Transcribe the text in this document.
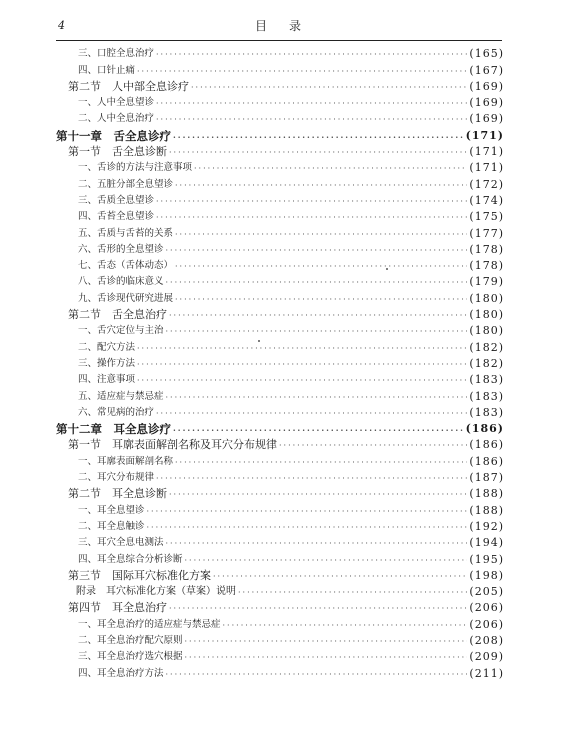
4	目录
三、口腔全息治疗 ·····	(165)
四、口针止痛 ·····	(167)
第二节　人中部全息诊疗 ·····	(169)
一、人中全息望诊 ·····	(169)
二、人中全息治疗 ·····	(169)
第十一章　舌全息诊疗 ·····	(171)
第一节　舌全息诊断 ·····	(171)
一、舌诊的方法与注意事项 ·····	(171)
二、五脏分部全息望诊 ·····	(172)
三、舌质全息望诊 ·····	(174)
四、舌苔全息望诊 ·····	(175)
五、舌质与舌苔的关系 ·····	(177)
六、舌形的全息望诊 ·····	(178)
七、舌态（舌体动态） ·····	(178)
八、舌诊的临床意义 ·····	(179)
九、舌诊现代研究进展 ·····	(180)
第二节　舌全息治疗 ·····	(180)
一、舌穴定位与主治 ·····	(180)
二、配穴方法 ·····	(182)
三、操作方法 ·····	(182)
四、注意事项 ·····	(183)
五、适应症与禁忌症 ·····	(183)
六、常见病的治疗 ·····	(183)
第十二章　耳全息诊疗 ·····	(186)
第一节　耳廓表面解剖名称及耳穴分布规律 ·····	(186)
一、耳廓表面解剖名称 ·····	(186)
二、耳穴分布规律 ·····	(187)
第二节　耳全息诊断 ·····	(188)
一、耳全息望诊 ·····	(188)
二、耳全息触诊 ·····	(192)
三、耳穴全息电测法 ·····	(194)
四、耳全息综合分析诊断 ·····	(195)
第三节　国际耳穴标准化方案 ·····	(198)
附录　耳穴标准化方案（草案）说明 ·····	(205)
第四节　耳全息治疗 ·····	(206)
一、耳全息治疗的适应症与禁忌症 ·····	(206)
二、耳全息治疗配穴原则 ·····	(208)
三、耳全息治疗选穴根据 ·····	(209)
四、耳全息治疗方法 ·····	(211)
